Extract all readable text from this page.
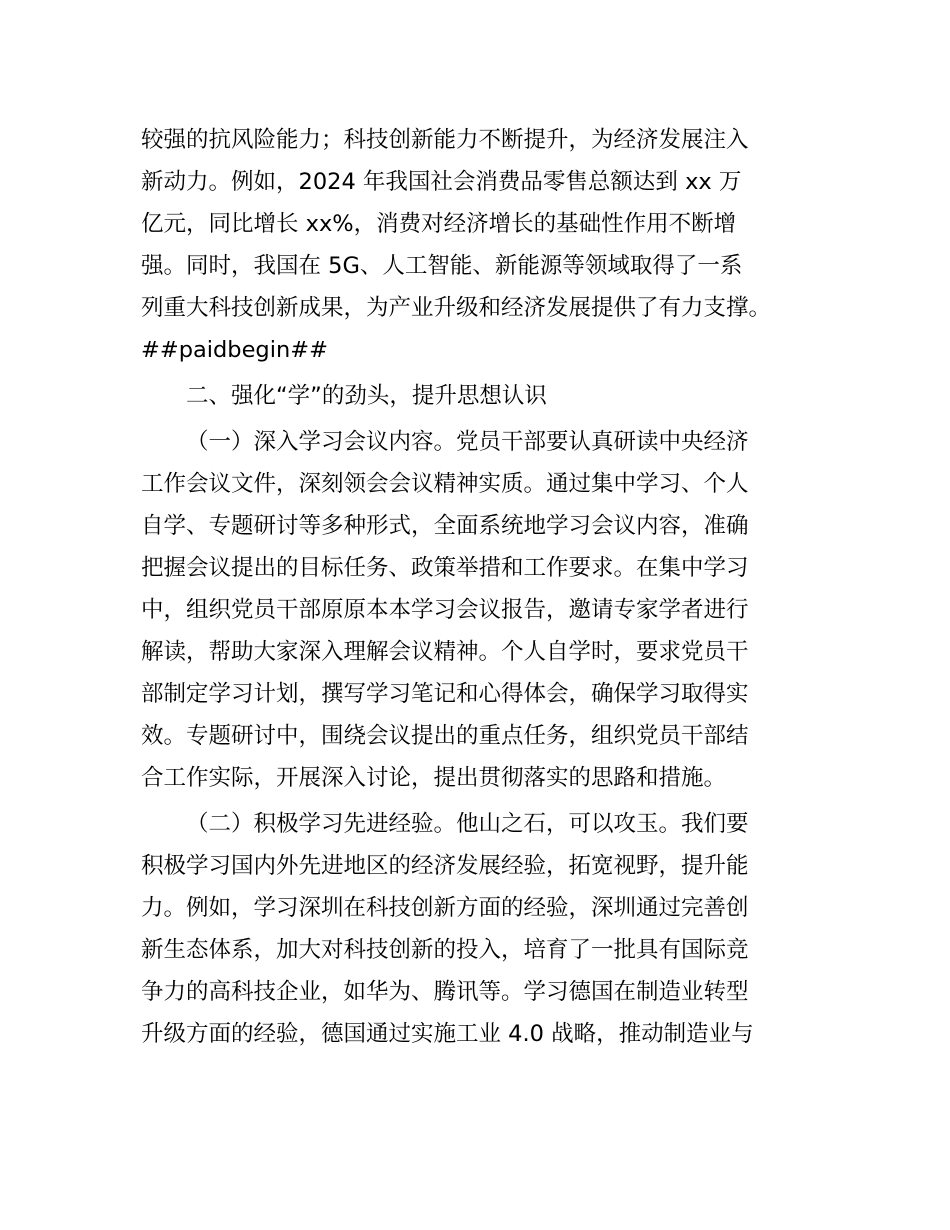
较强的抗风险能力；科技创新能力不断提升，为经济发展注入
新动力。例如，2024 年我国社会消费品零售总额达到 xx 万
亿元，同比增长 xx%，消费对经济增长的基础性作用不断增
强。同时，我国在 5G、人工智能、新能源等领域取得了一系
列重大科技创新成果，为产业升级和经济发展提供了有力支撑。
##paidbegin##
二、强化“学”的劲头，提升思想认识
（一）深入学习会议内容。党员干部要认真研读中央经济
工作会议文件，深刻领会会议精神实质。通过集中学习、个人
自学、专题研讨等多种形式，全面系统地学习会议内容，准确
把握会议提出的目标任务、政策举措和工作要求。在集中学习
中，组织党员干部原原本本学习会议报告，邀请专家学者进行
解读，帮助大家深入理解会议精神。个人自学时，要求党员干
部制定学习计划，撰写学习笔记和心得体会，确保学习取得实
效。专题研讨中，围绕会议提出的重点任务，组织党员干部结
合工作实际，开展深入讨论，提出贯彻落实的思路和措施。
（二）积极学习先进经验。他山之石，可以攻玉。我们要
积极学习国内外先进地区的经济发展经验，拓宽视野，提升能
力。例如，学习深圳在科技创新方面的经验，深圳通过完善创
新生态体系，加大对科技创新的投入，培育了一批具有国际竞
争力的高科技企业，如华为、腾讯等。学习德国在制造业转型
升级方面的经验，德国通过实施工业 4.0 战略，推动制造业与
